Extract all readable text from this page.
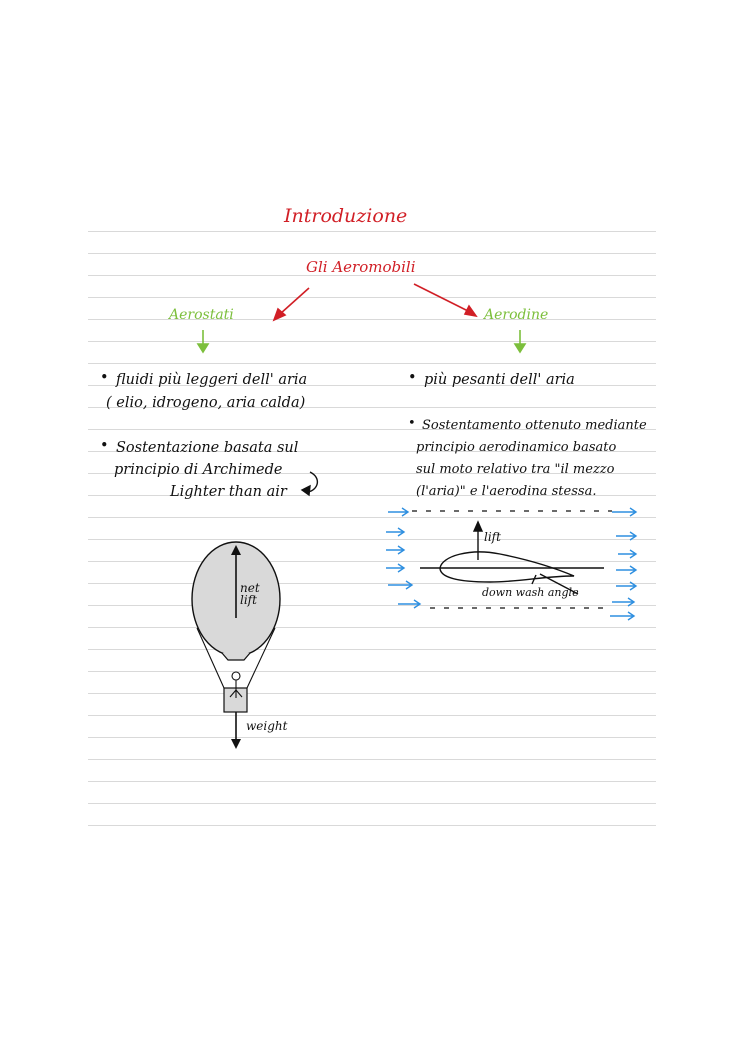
Introduzione
Gli Aeromobili
Aerostati	Aerodine
• fluidi più leggeri dell' aria
( elio, idrogeno, aria calda)
• Sostentazione basata sul
principio di Archimede
Lighter than air
• più pesanti dell' aria
• Sostentamento ottenuto mediante
principio aerodinamico basato
sul moto relativo tra "il mezzo
(l'aria)" e l'aerodina stessa.
net
lift
weight
lift
down wash angle
